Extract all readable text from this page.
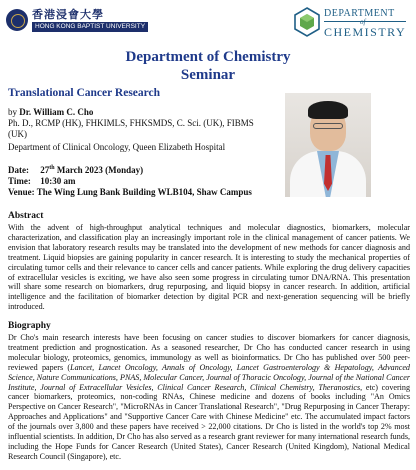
香港浸會大學
HONG KONG BAPTIST UNIVERSITY
DEPARTMENT
of
CHEMISTRY
Department of Chemistry
Seminar
Translational Cancer Research
by Dr. William C. Cho
Ph. D., RCMP (HK), FHKIMLS, FHKSMDS, C. Sci. (UK), FIBMS (UK)
Department of Clinical Oncology, Queen Elizabeth Hospital
Date: 27th March 2023 (Monday)
Time: 10:30 am
Venue: The Wing Lung Bank Building WLB104, Shaw Campus
Abstract
With the advent of high-throughput analytical techniques and molecular diagnostics, biomarkers, molecular characterization, and classification play an increasingly important role in the clinical management of cancer patients. We envision that laboratory research results may be translated into the development of new methods for cancer diagnosis and treatment. Liquid biopsies are gaining popularity in cancer research. It is interesting to study the mechanical properties of circulating tumor cells and their relevance to cancer cells and cancer patients. While exploring the drug delivery capacities of extracellular vesicles is exciting, we have also seen some progress in circulating tumor DNA/RNA. This presentation will share some research on biomarkers, drug repurposing, and liquid biopsy in cancer research. In addition, artificial intelligence and the facilitation of biomarker detection by digital PCR and next-generation sequencing will be briefly introduced.
Biography
Dr Cho's main research interests have been focusing on cancer studies to discover biomarkers for cancer diagnosis, treatment prediction and prognostication. As a seasoned researcher, Dr Cho has conducted cancer research in using molecular biology, proteomics, genomics, immunology as well as bioinformatics. Dr Cho has published over 500 peer-reviewed papers (Lancet, Lancet Oncology, Annals of Oncology, Lancet Gastroenterology & Hepatology, Advanced Science, Nature Communications, PNAS, Molecular Cancer, Journal of Thoracic Oncology, Journal of the National Cancer Institute, Journal of Extracellular Vesicles, Clinical Cancer Research, Clinical Chemistry, Theranostics, etc) covering cancer biomarkers, proteomics, non-coding RNAs, Chinese medicine and dozens of books including "An Omics Perspective on Cancer Research", "MicroRNAs in Cancer Translational Research", "Drug Repurposing in Cancer Therapy: Approaches and Applications" and "Supportive Cancer Care with Chinese Medicine" etc. The accumulated impact factors of the journals over 3,800 and these papers have received > 22,000 citations. Dr Cho is listed in the world's top 2% most influential scientists. In addition, Dr Cho has also served as a research grant reviewer for many international research funds, including the Hope Funds for Cancer Research (United States), Cancer Research (United Kingdom), National Medical Research Council (Singapore), etc.
